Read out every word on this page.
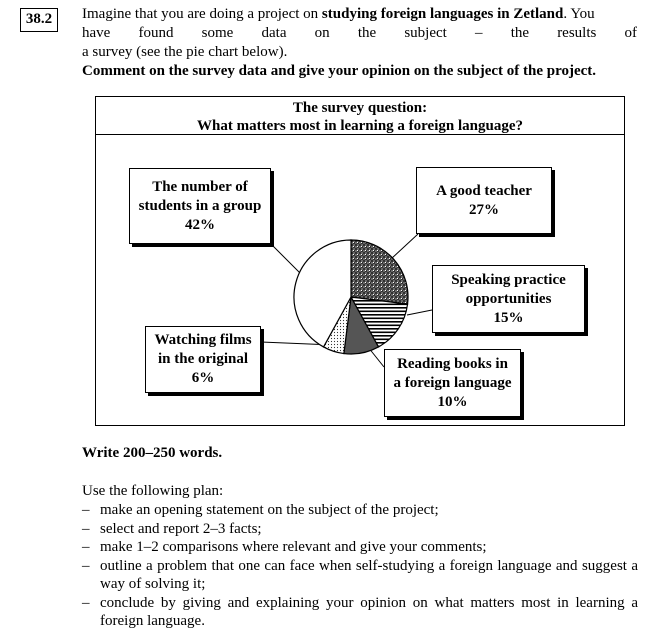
38.2	Imagine that you are doing a project on studying foreign languages in Zetland. You

have found some data on the subject – the results of

a survey (see the pie chart below).

Comment on the survey data and give your opinion on the subject of the project.

The survey question:
What matters most in learning a foreign language?
The number of
students in a group
42%
A good teacher
27%
Speaking practice
opportunities
15%
Watching films
in the original
6%
Reading books in
a foreign language
10%
Write 200–250 words.
Use the following plan:
– make an opening statement on the subject of the project;
– select and report 2–3 facts;
– make 1–2 comparisons where relevant and give your comments;
– outline a problem that one can face when self-studying a foreign language and suggest a way of solving it;
– conclude by giving and explaining your opinion on what matters most in learning a foreign language.
